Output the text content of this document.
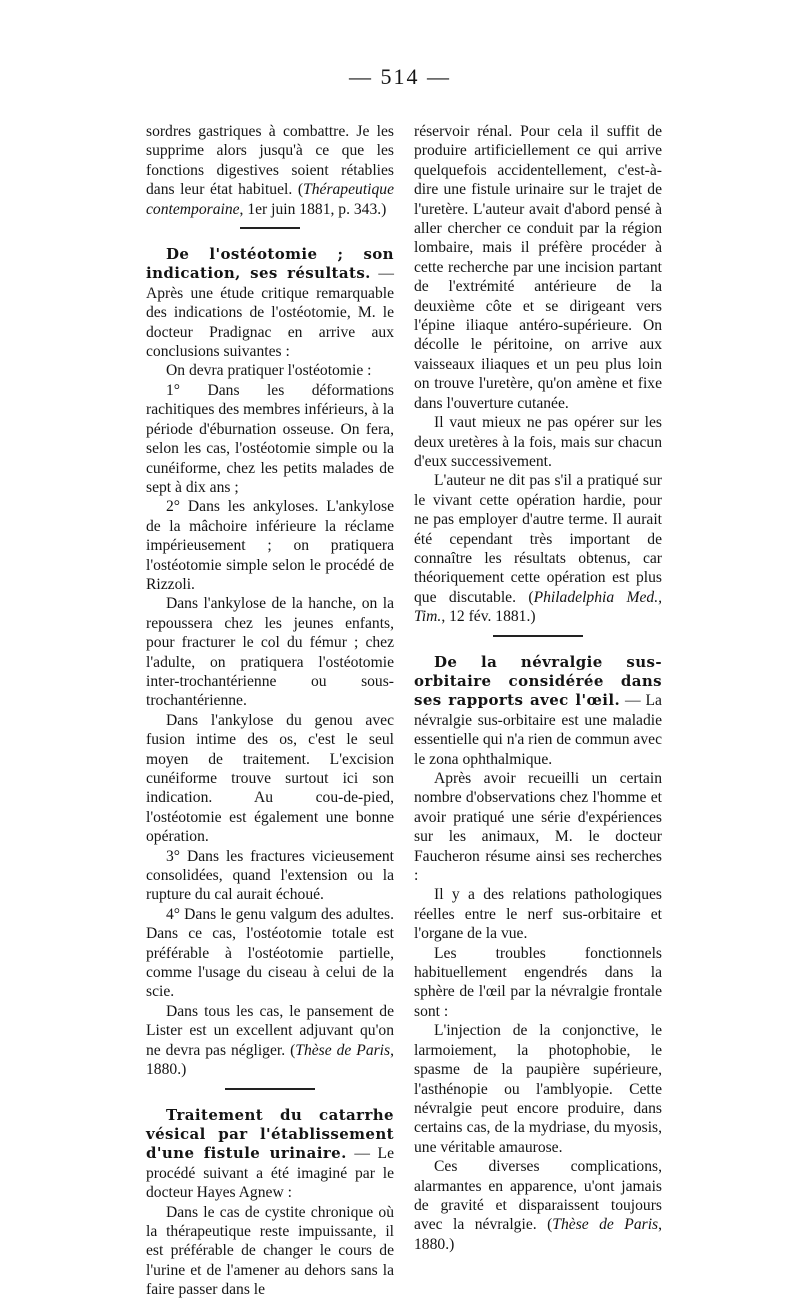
— 514 —

sordres gastriques à combattre. Je les supprime alors jusqu'à ce que les fonctions digestives soient rétablies dans leur état habituel. (Thérapeutique contemporaine, 1er juin 1881, p. 343.)

De l'ostéotomie ; son indication, ses résultats. — Après une étude critique remarquable des indications de l'ostéotomie, M. le docteur Pradignac en arrive aux conclusions suivantes :

On devra pratiquer l'ostéotomie :

1° Dans les déformations rachitiques des membres inférieurs, à la période d'éburnation osseuse. On fera, selon les cas, l'ostéotomie simple ou la cunéiforme, chez les petits malades de sept à dix ans ;

2° Dans les ankyloses. L'ankylose de la mâchoire inférieure la réclame impérieusement ; on pratiquera l'ostéotomie simple selon le procédé de Rizzoli.

Dans l'ankylose de la hanche, on la repoussera chez les jeunes enfants, pour fracturer le col du fémur ; chez l'adulte, on pratiquera l'ostéotomie inter-trochantérienne ou sous-trochantérienne.

Dans l'ankylose du genou avec fusion intime des os, c'est le seul moyen de traitement. L'excision cunéiforme trouve surtout ici son indication. Au cou-de-pied, l'ostéotomie est également une bonne opération.

3° Dans les fractures vicieusement consolidées, quand l'extension ou la rupture du cal aurait échoué.

4° Dans le genu valgum des adultes. Dans ce cas, l'ostéotomie totale est préférable à l'ostéotomie partielle, comme l'usage du ciseau à celui de la scie.

Dans tous les cas, le pansement de Lister est un excellent adjuvant qu'on ne devra pas négliger. (Thèse de Paris, 1880.)

Traitement du catarrhe vésical par l'établissement d'une fistule urinaire. — Le procédé suivant a été imaginé par le docteur Hayes Agnew :

Dans le cas de cystite chronique où la thérapeutique reste impuissante, il est préférable de changer le cours de l'urine et de l'amener au dehors sans la faire passer dans le

réservoir rénal. Pour cela il suffit de produire artificiellement ce qui arrive quelquefois accidentellement, c'est-à-dire une fistule urinaire sur le trajet de l'uretère. L'auteur avait d'abord pensé à aller chercher ce conduit par la région lombaire, mais il préfère procéder à cette recherche par une incision partant de l'extrémité antérieure de la deuxième côte et se dirigeant vers l'épine iliaque antéro-supérieure. On décolle le péritoine, on arrive aux vaisseaux iliaques et un peu plus loin on trouve l'uretère, qu'on amène et fixe dans l'ouverture cutanée.

Il vaut mieux ne pas opérer sur les deux uretères à la fois, mais sur chacun d'eux successivement.

L'auteur ne dit pas s'il a pratiqué sur le vivant cette opération hardie, pour ne pas employer d'autre terme. Il aurait été cependant très important de connaître les résultats obtenus, car théoriquement cette opération est plus que discutable. (Philadelphia Med., Tim., 12 fév. 1881.)

De la névralgie sus-orbitaire considérée dans ses rapports avec l'œil. — La névralgie sus-orbitaire est une maladie essentielle qui n'a rien de commun avec le zona ophthalmique.

Après avoir recueilli un certain nombre d'observations chez l'homme et avoir pratiqué une série d'expériences sur les animaux, M. le docteur Faucheron résume ainsi ses recherches :

Il y a des relations pathologiques réelles entre le nerf sus-orbitaire et l'organe de la vue.

Les troubles fonctionnels habituellement engendrés dans la sphère de l'œil par la névralgie frontale sont :

L'injection de la conjonctive, le larmoiement, la photophobie, le spasme de la paupière supérieure, l'asthénopie ou l'amblyopie. Cette névralgie peut encore produire, dans certains cas, de la mydriase, du myosis, une véritable amaurose.

Ces diverses complications, alarmantes en apparence, u'ont jamais de gravité et disparaissent toujours avec la névralgie. (Thèse de Paris, 1880.)
